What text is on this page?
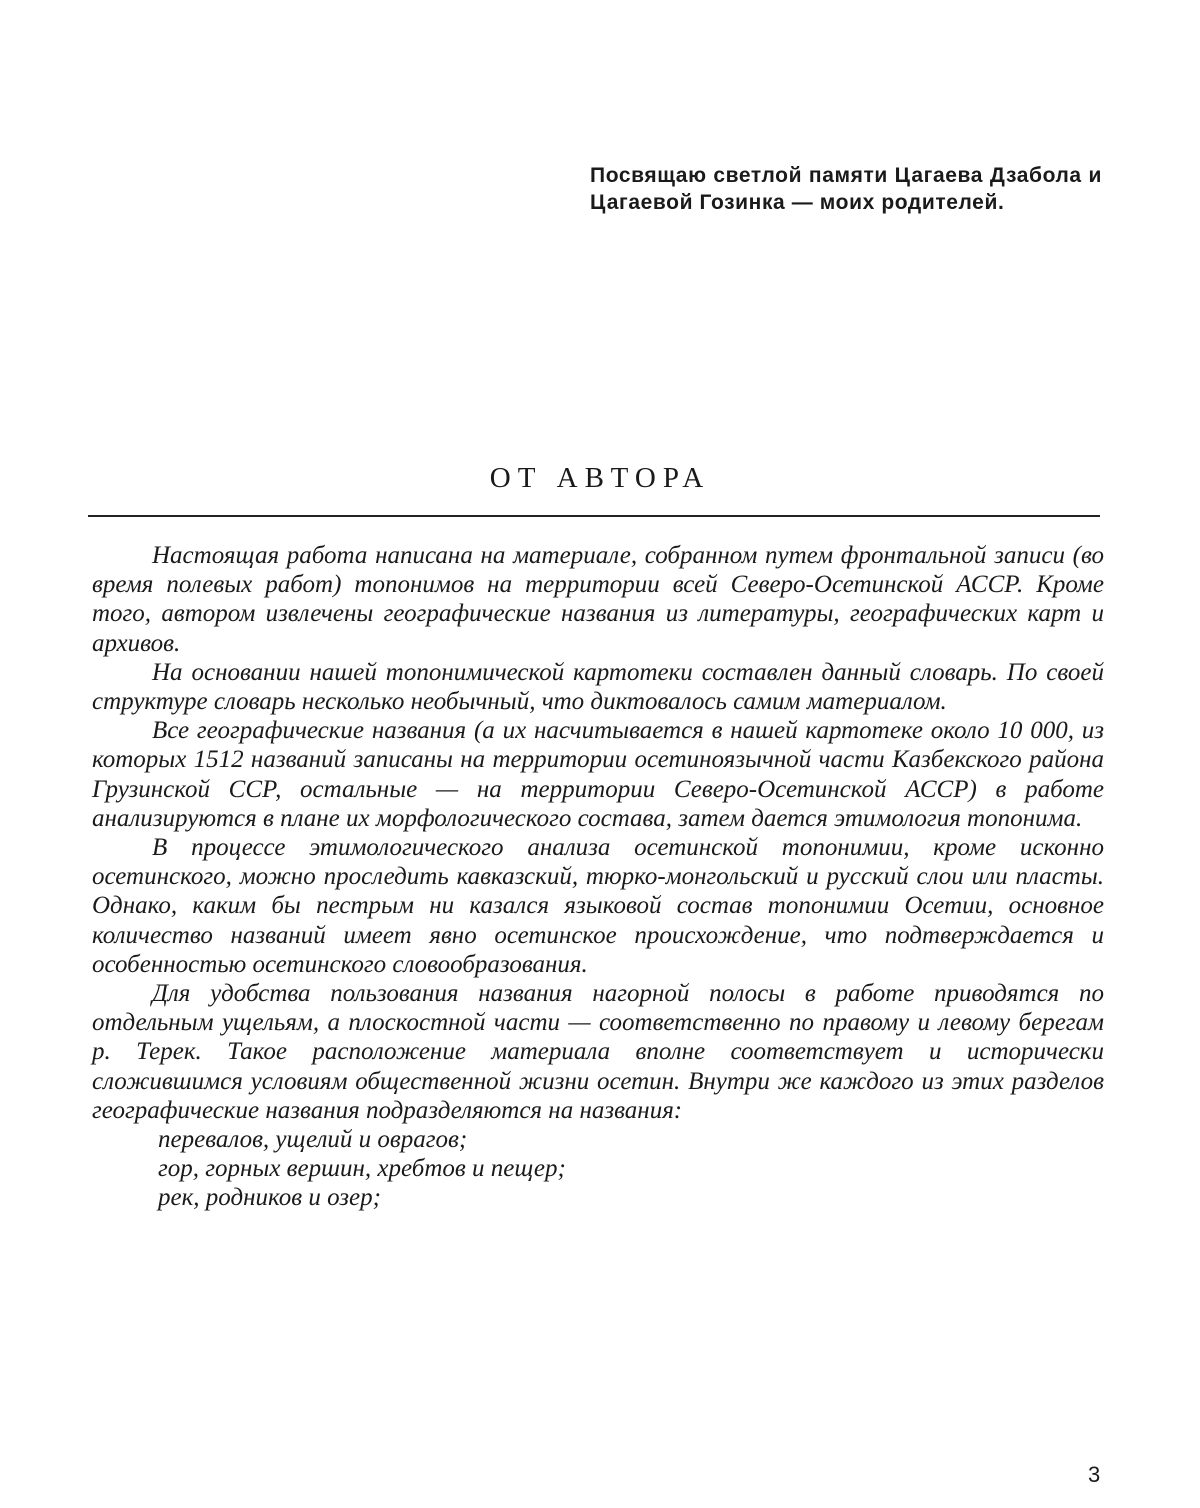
Посвящаю светлой памяти Цагаева Дзабола и Цагаевой Гозинка — моих родителей.

ОТ АВТОРА

Настоящая работа написана на материале, собранном путем фронтальной записи (во время полевых работ) топонимов на территории всей Северо-Осетинской АССР. Кроме того, автором извлечены географические названия из литературы, географических карт и архивов.

На основании нашей топонимической картотеки составлен данный словарь. По своей структуре словарь несколько необычный, что диктовалось самим материалом.

Все географические названия (а их насчитывается в нашей картотеке около 10 000, из которых 1512 названий записаны на территории осетиноязычной части Казбекского района Грузинской ССР, остальные — на территории Северо-Осетинской АССР) в работе анализируются в плане их морфологического состава, затем дается этимология топонима.

В процессе этимологического анализа осетинской топонимии, кроме исконно осетинского, можно проследить кавказский, тюрко-монгольский и русский слои или пласты. Однако, каким бы пестрым ни казался языковой состав топонимии Осетии, основное количество названий имеет явно осетинское происхождение, что подтверждается и особенностью осетинского словообразования.

Для удобства пользования названия нагорной полосы в работе приводятся по отдельным ущельям, а плоскостной части — соответственно по правому и левому берегам р. Терек. Такое расположение материала вполне соответствует и исторически сложившимся условиям общественной жизни осетин. Внутри же каждого из этих разделов географические названия подразделяются на названия:

перевалов, ущелий и оврагов;
гор, горных вершин, хребтов и пещер;
рек, родников и озер;

3
